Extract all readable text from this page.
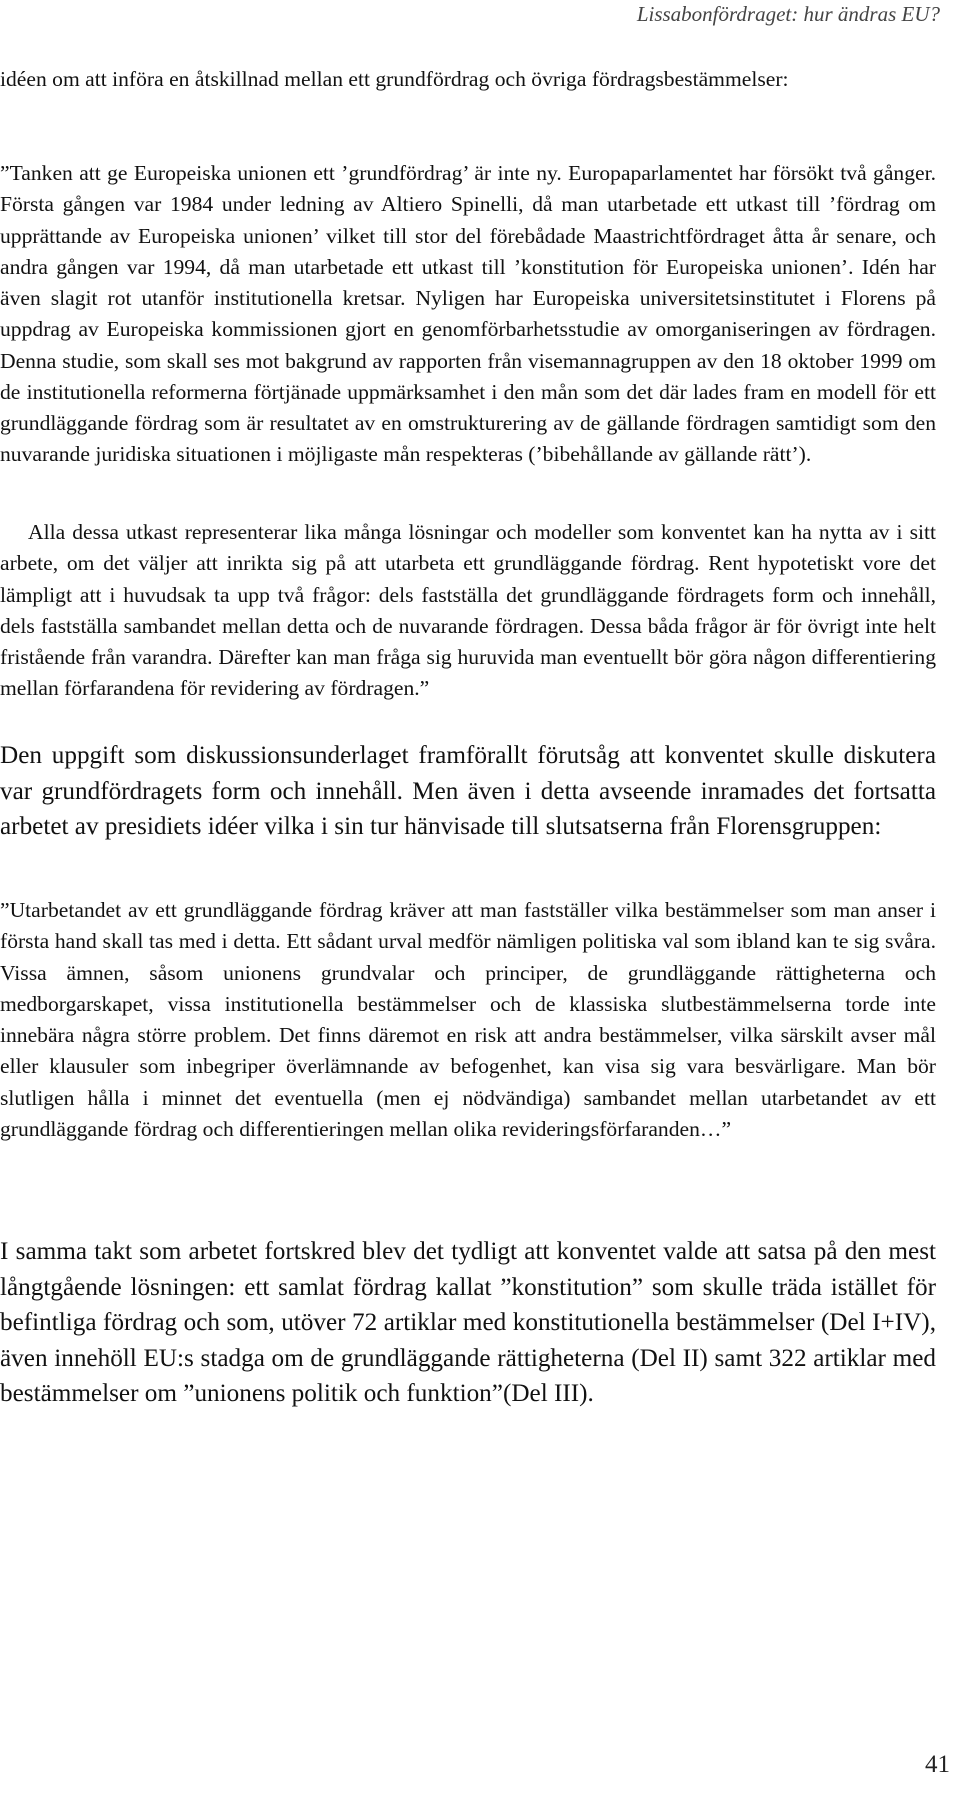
Lissabonfördraget: hur ändras EU?

idéen om att införa en åtskillnad mellan ett grundfördrag och övriga fördragsbestämmelser:

”Tanken att ge Europeiska unionen ett ’grundfördrag’ är inte ny. Europaparlamentet har försökt två gånger. Första gången var 1984 under ledning av Altiero Spinelli, då man utarbetade ett utkast till ’fördrag om upprättande av Europeiska unionen’ vilket till stor del förebådade Maastrichtfördraget åtta år senare, och andra gången var 1994, då man utarbetade ett utkast till ’konstitution för Europeiska unionen’. Idén har även slagit rot utanför institutionella kretsar. Nyligen har Europeiska universitetsinstitutet i Florens på uppdrag av Europeiska kommissionen gjort en genomförbarhetsstudie av omorganiseringen av fördragen. Denna studie, som skall ses mot bakgrund av rapporten från visemannagruppen av den 18 oktober 1999 om de institutionella reformerna förtjänade uppmärksamhet i den mån som det där lades fram en modell för ett grundläggande fördrag som är resultatet av en omstrukturering av de gällande fördragen samtidigt som den nuvarande juridiska situationen i möjligaste mån respekteras (’bibehållande av gällande rätt’).

Alla dessa utkast representerar lika många lösningar och modeller som konventet kan ha nytta av i sitt arbete, om det väljer att inrikta sig på att utarbeta ett grundläggande fördrag. Rent hypotetiskt vore det lämpligt att i huvudsak ta upp två frågor: dels fastställa det grundläggande fördragets form och innehåll, dels fastställa sambandet mellan detta och de nuvarande fördragen. Dessa båda frågor är för övrigt inte helt fristående från varandra. Därefter kan man fråga sig huruvida man eventuellt bör göra någon differentiering mellan förfarandena för revidering av fördragen.”

Den uppgift som diskussionsunderlaget framförallt förutsåg att konventet skulle diskutera var grundfördragets form och innehåll. Men även i detta avseende inramades det fortsatta arbetet av presidiets idéer vilka i sin tur hänvisade till slutsatserna från Florensgruppen:

”Utarbetandet av ett grundläggande fördrag kräver att man fastställer vilka bestämmelser som man anser i första hand skall tas med i detta. Ett sådant urval medför nämligen politiska val som ibland kan te sig svåra. Vissa ämnen, såsom unionens grundvalar och principer, de grundläggande rättigheterna och medborgarskapet, vissa institutionella bestämmelser och de klassiska slutbestämmelserna torde inte innebära några större problem. Det finns däremot en risk att andra bestämmelser, vilka särskilt avser mål eller klausuler som inbegriper överlämnande av befogenhet, kan visa sig vara besvärligare. Man bör slutligen hålla i minnet det eventuella (men ej nödvändiga) sambandet mellan utarbetandet av ett grundläggande fördrag och differentieringen mellan olika revideringsförfaranden…”

I samma takt som arbetet fortskred blev det tydligt att konventet valde att satsa på den mest långtgående lösningen: ett samlat fördrag kallat ”konstitution” som skulle träda istället för befintliga fördrag och som, utöver 72 artiklar med konstitutionella bestämmelser (Del I+IV), även innehöll EU:s stadga om de grundläggande rättigheterna (Del II) samt 322 artiklar med bestämmelser om ”unionens politik och funktion”(Del III).

41
